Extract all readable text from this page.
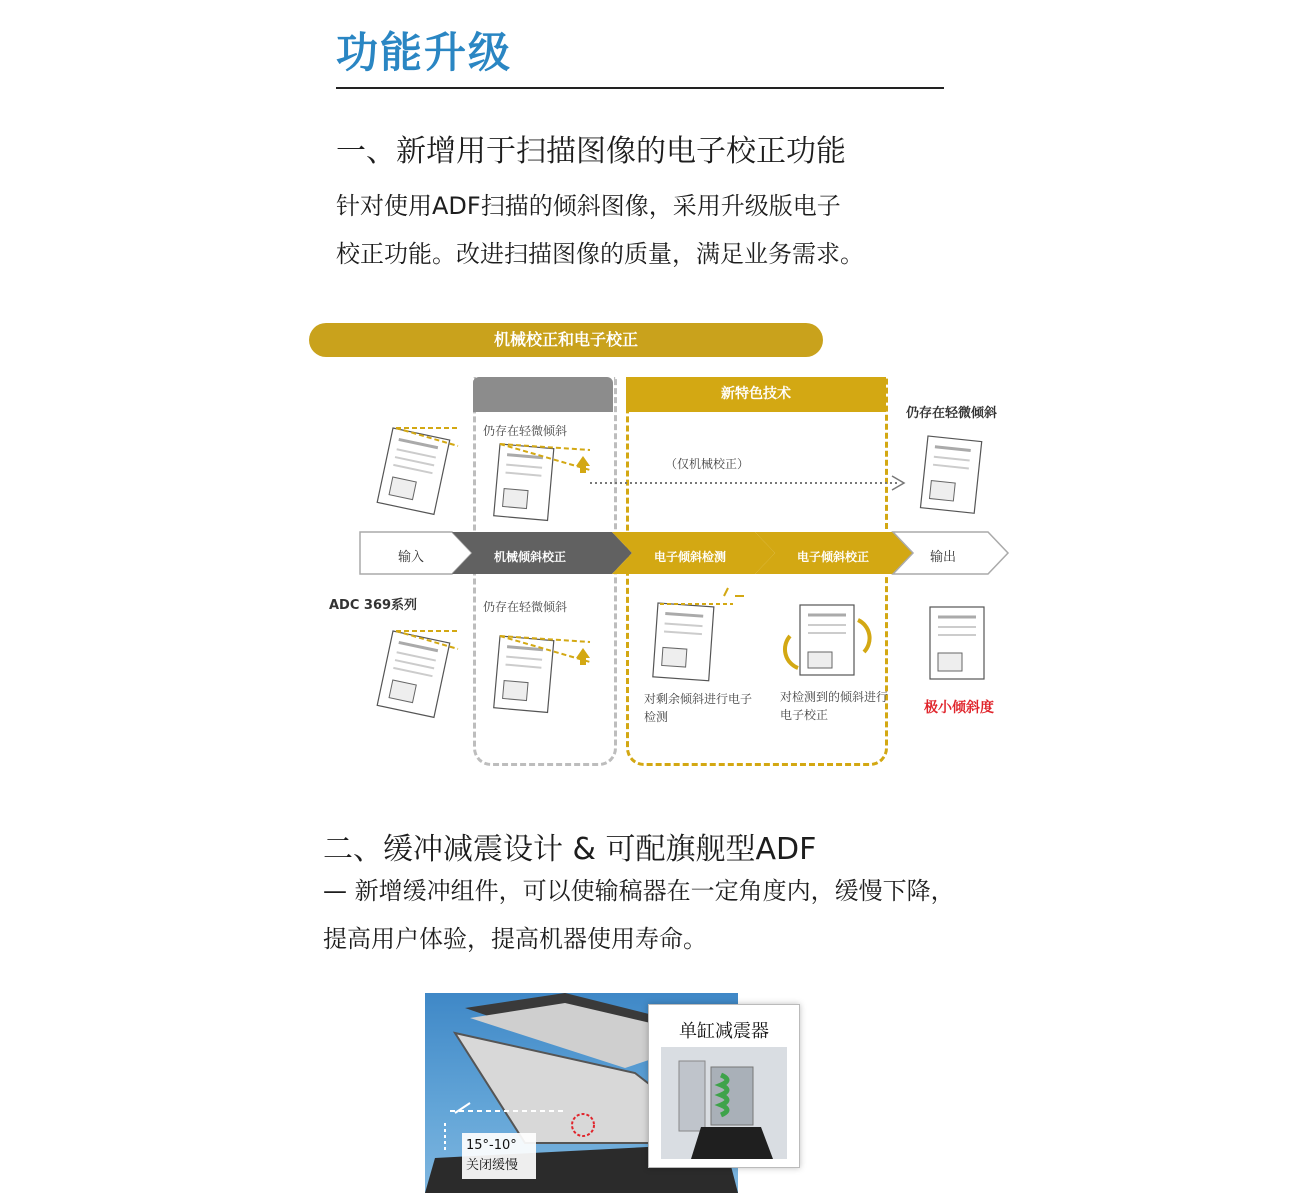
功能升级
一、新增用于扫描图像的电子校正功能
针对使用ADF扫描的倾斜图像，采用升级版电子
校正功能。改进扫描图像的质量，满足业务需求。
机械校正和电子校正
新特色技术
仍存在轻微倾斜
仍存在轻微倾斜
（仅机械校正）
仍存在轻微倾斜
ADC 369系列
输入	机械倾斜校正	电子倾斜检测	电子倾斜校正	输出
对剩余倾斜进行电子检测
对检测到的倾斜进行电子校正	极小倾斜度
二、缓冲减震设计 & 可配旗舰型ADF
— 新增缓冲组件，可以使输稿器在一定角度内，缓慢下降，
提高用户体验，提高机器使用寿命。
单缸减震器
15°-10°
关闭缓慢
